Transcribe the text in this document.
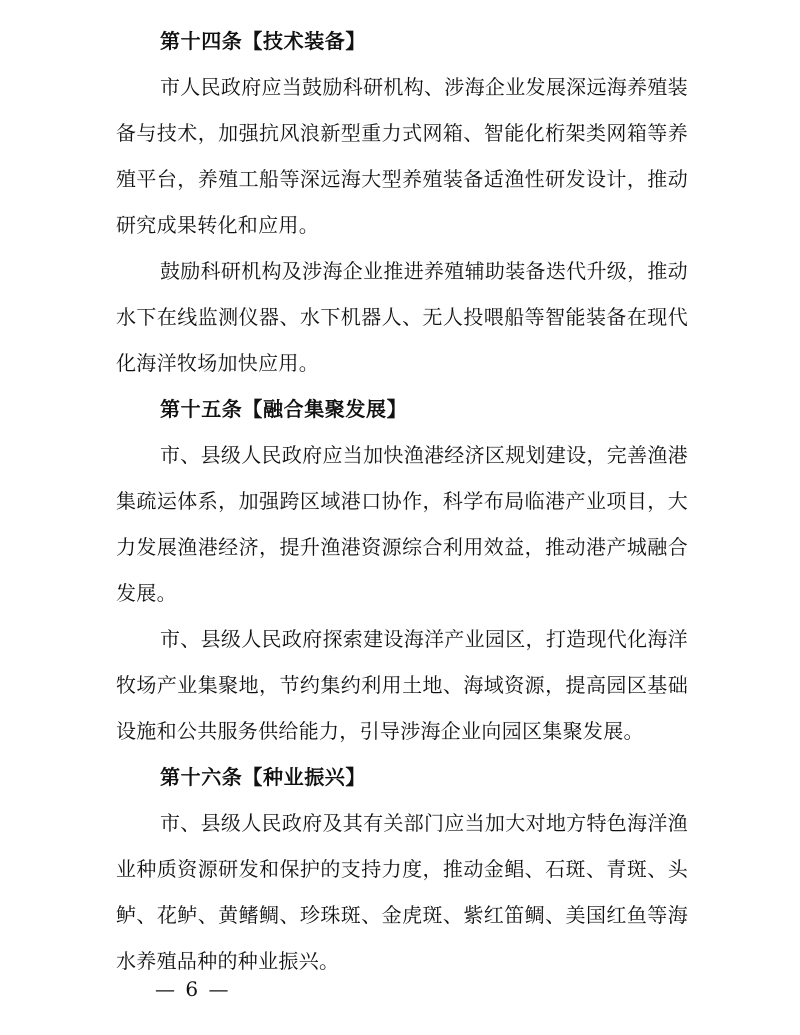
第十四条【技术装备】

市人民政府应当鼓励科研机构、涉海企业发展深远海养殖装备与技术，加强抗风浪新型重力式网箱、智能化桁架类网箱等养殖平台，养殖工船等深远海大型养殖装备适渔性研发设计，推动研究成果转化和应用。

鼓励科研机构及涉海企业推进养殖辅助装备迭代升级，推动水下在线监测仪器、水下机器人、无人投喂船等智能装备在现代化海洋牧场加快应用。

第十五条【融合集聚发展】

市、县级人民政府应当加快渔港经济区规划建设，完善渔港集疏运体系，加强跨区域港口协作，科学布局临港产业项目，大力发展渔港经济，提升渔港资源综合利用效益，推动港产城融合发展。

市、县级人民政府探索建设海洋产业园区，打造现代化海洋牧场产业集聚地，节约集约利用土地、海域资源，提高园区基础设施和公共服务供给能力，引导涉海企业向园区集聚发展。

第十六条【种业振兴】

市、县级人民政府及其有关部门应当加大对地方特色海洋渔业种质资源研发和保护的支持力度，推动金鲳、石斑、青斑、头鲈、花鲈、黄鳍鲷、珍珠斑、金虎斑、紫红笛鲷、美国红鱼等海水养殖品种的种业振兴。

— 6 —
